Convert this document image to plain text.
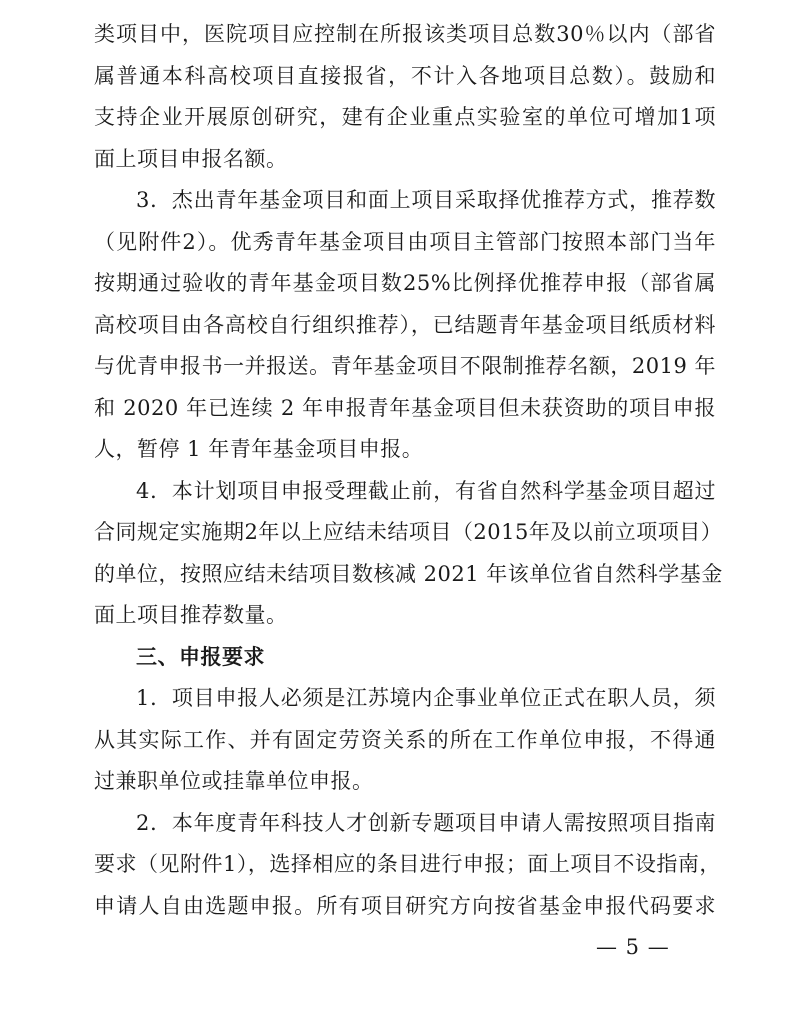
类项目中，医院项目应控制在所报该类项目总数30％以内（部省
属普通本科高校项目直接报省，不计入各地项目总数）。鼓励和
支持企业开展原创研究，建有企业重点实验室的单位可增加1项
面上项目申报名额。
3．杰出青年基金项目和面上项目采取择优推荐方式，推荐数
（见附件2）。优秀青年基金项目由项目主管部门按照本部门当年
按期通过验收的青年基金项目数25%比例择优推荐申报（部省属
高校项目由各高校自行组织推荐），已结题青年基金项目纸质材料
与优青申报书一并报送。青年基金项目不限制推荐名额，2019 年
和 2020 年已连续 2 年申报青年基金项目但未获资助的项目申报
人，暂停 1 年青年基金项目申报。
4．本计划项目申报受理截止前，有省自然科学基金项目超过
合同规定实施期2年以上应结未结项目（2015年及以前立项项目）
的单位，按照应结未结项目数核减 2021 年该单位省自然科学基金
面上项目推荐数量。
三、申报要求
1．项目申报人必须是江苏境内企事业单位正式在职人员，须
从其实际工作、并有固定劳资关系的所在工作单位申报，不得通
过兼职单位或挂靠单位申报。
2．本年度青年科技人才创新专题项目申请人需按照项目指南
要求（见附件1），选择相应的条目进行申报；面上项目不设指南，
申请人自由选题申报。所有项目研究方向按省基金申报代码要求
— 5 —
